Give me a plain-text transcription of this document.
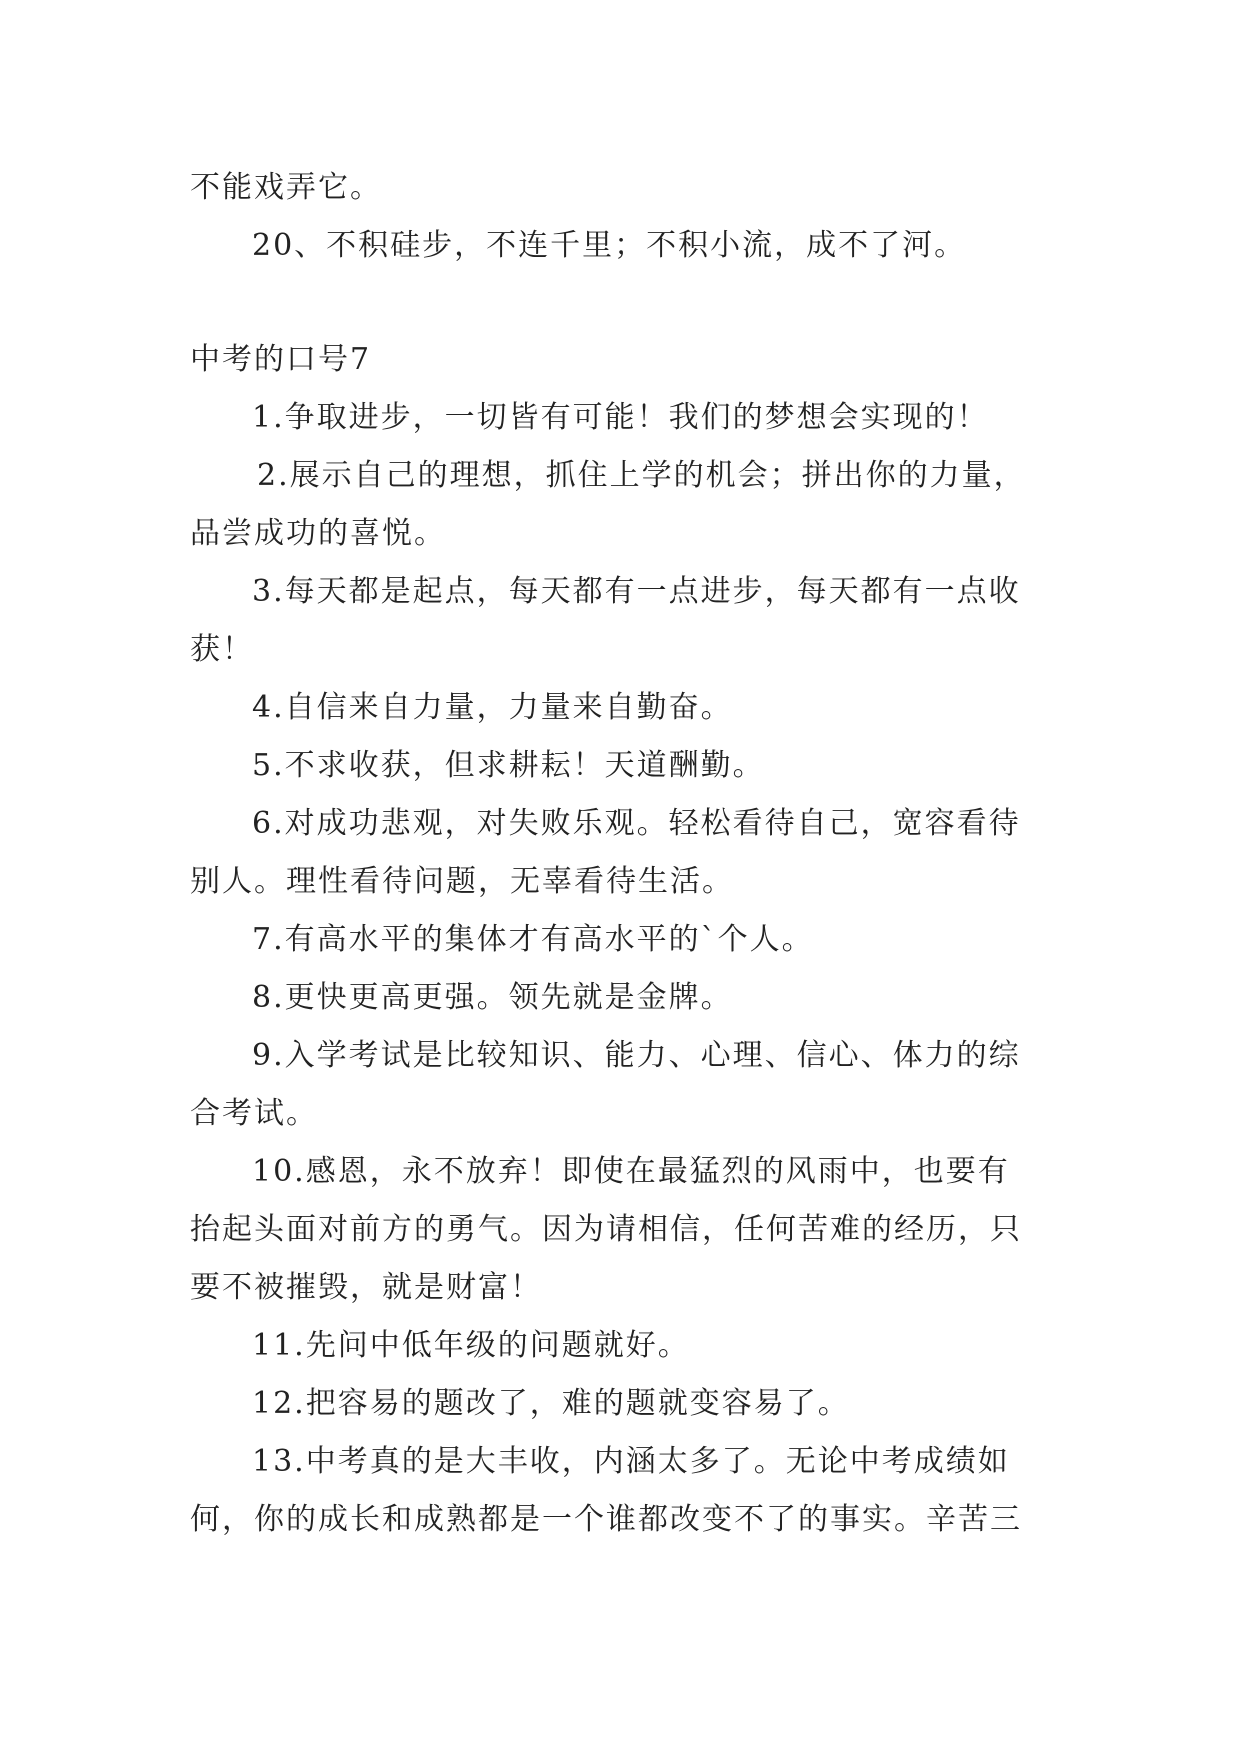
不能戏弄它。
20、不积硅步，不连千里；不积小流，成不了河。
中考的口号7
1.争取进步，一切皆有可能！我们的梦想会实现的！
2.展示自己的理想，抓住上学的机会；拼出你的力量，
品尝成功的喜悦。
3.每天都是起点，每天都有一点进步，每天都有一点收
获！
4.自信来自力量，力量来自勤奋。
5.不求收获，但求耕耘！天道酬勤。
6.对成功悲观，对失败乐观。轻松看待自己，宽容看待
别人。理性看待问题，无辜看待生活。
7.有高水平的集体才有高水平的`个人。
8.更快更高更强。领先就是金牌。
9.入学考试是比较知识、能力、心理、信心、体力的综
合考试。
10.感恩，永不放弃！即使在最猛烈的风雨中，也要有
抬起头面对前方的勇气。因为请相信，任何苦难的经历，只
要不被摧毁，就是财富！
11.先问中低年级的问题就好。
12.把容易的题改了，难的题就变容易了。
13.中考真的是大丰收，内涵太多了。无论中考成绩如
何，你的成长和成熟都是一个谁都改变不了的事实。辛苦三
